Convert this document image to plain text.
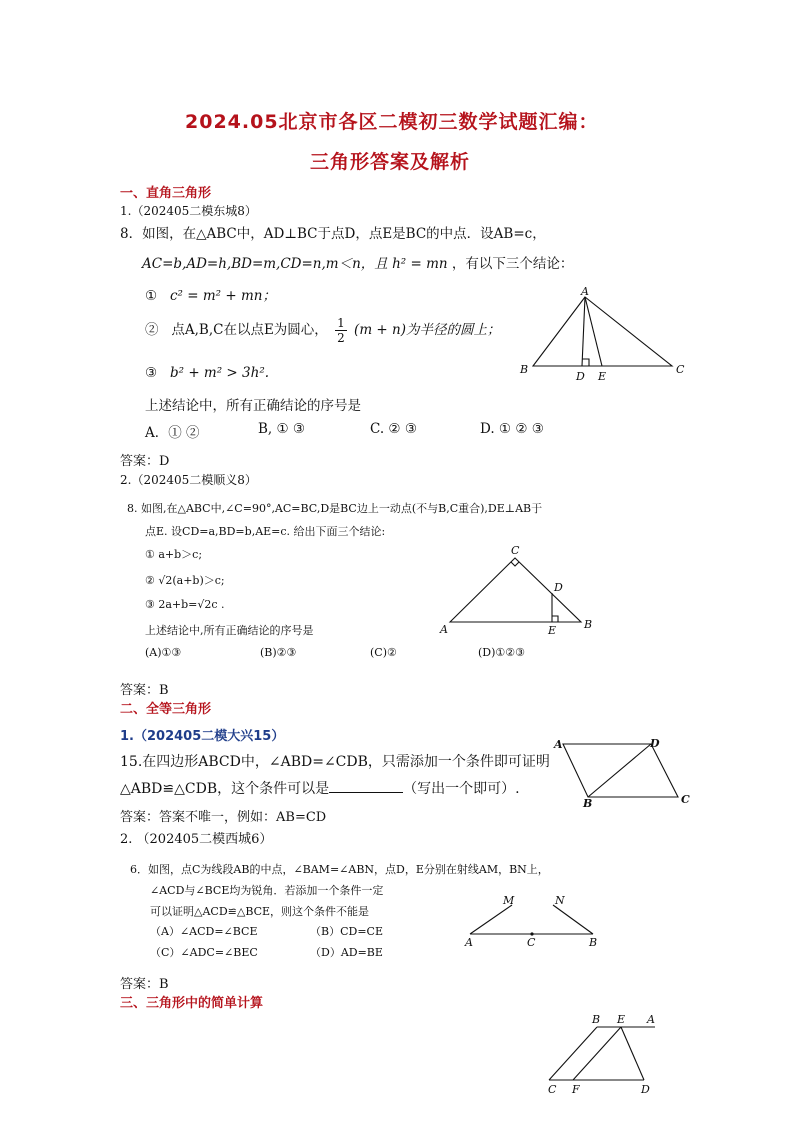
2024.05北京市各区二模初三数学试题汇编：
三角形答案及解析
一、直角三角形
1.（202405二模东城8）
8．如图，在△ABC中，AD⊥BC于点D，点E是BC的中点．设AB=c，
AC=b,AD=h,BD=m,CD=n,m＜n，且 h² = mn ，有以下三个结论：
① c² = m² + mn；
② 点A,B,C在以点E为圆心， $\frac{1}{2} (m + n)$为半径的圆上；
③ b² + m² > 3h².
上述结论中，所有正确结论的序号是
A．① ②	B, ① ③	C. ② ③	D. ① ② ③
答案：D
A
B	C
D E
2.（202405二模顺义8）
8. 如图,在△ABC中,∠C=90°,AC=BC,D是BC边上一动点(不与B,C重合),DE⊥AB于
点E. 设CD=a,BD=b,AE=c. 给出下面三个结论:
① a+b＞c;
② √2(a+b)＞c;
③ 2a+b=√2c .
上述结论中,所有正确结论的序号是
(A)①③	(B)②③	(C)②	(D)①②③
答案：B
C
A	B
D
E
二、全等三角形
1.（202405二模大兴15）
15.在四边形ABCD中，∠ABD=∠CDB，只需添加一个条件即可证明
△ABD≌△CDB，这个条件可以是	（写出一个即可）.
答案：答案不唯一，例如：AB=CD
A	D
B	C
2. （202405二模西城6）
6．如图，点C为线段AB的中点，∠BAM=∠ABN，点D，E分别在射线AM，BN上，
∠ACD与∠BCE均为锐角．若添加一个条件一定
可以证明△ACD≌△BCE，则这个条件不能是
（A）∠ACD=∠BCE	（B）CD=CE
（C）∠ADC=∠BEC	（D）AD=BE
答案：B
M	N
A	C	B
三、三角形中的简单计算
B E A
C F	D
